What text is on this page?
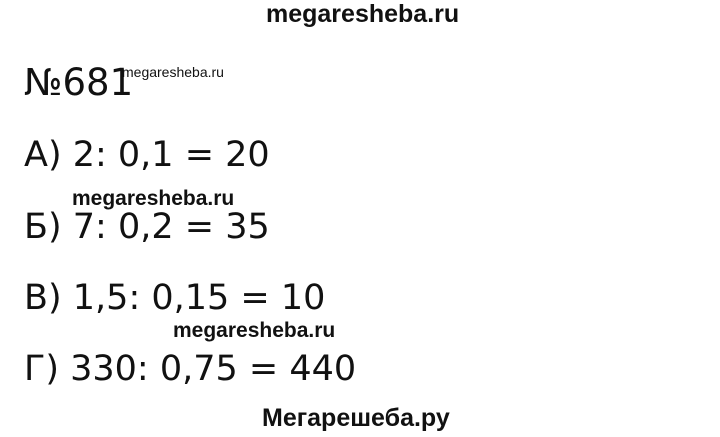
megaresheba.ru
№681
megaresheba.ru
А) 2: 0,1 = 20
megaresheba.ru
Б) 7: 0,2 = 35
В) 1,5: 0,15 = 10
megaresheba.ru
Г) 330: 0,75 = 440
Мегарешеба.ру
